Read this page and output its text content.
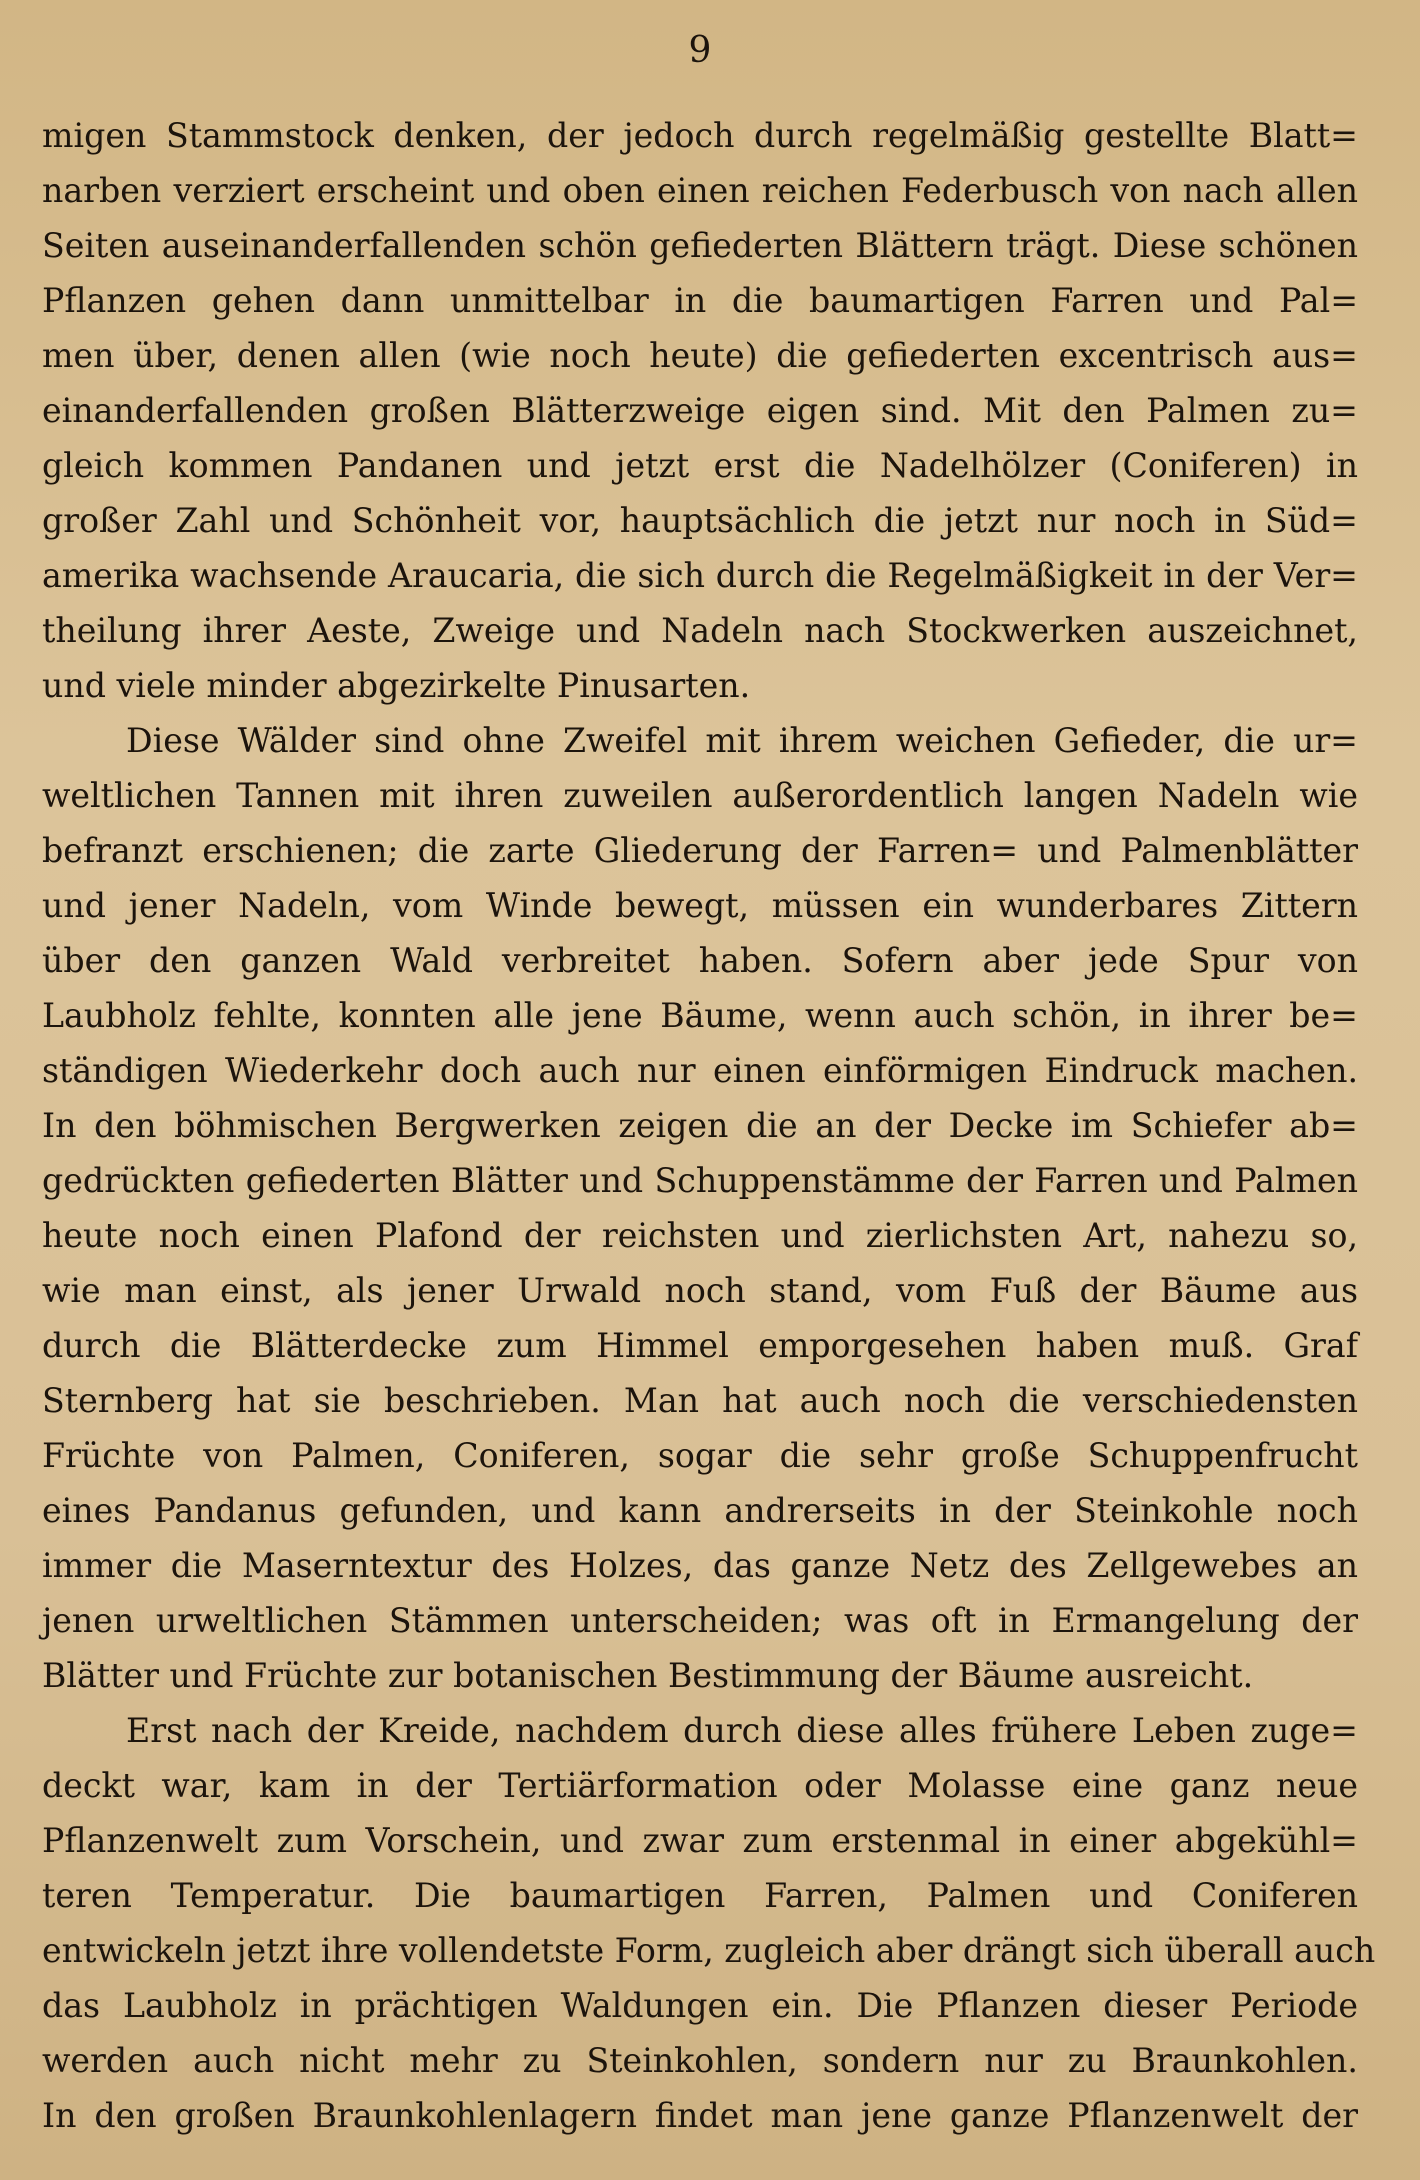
9
migen Stammstock denken, der jedoch durch regelmäßig gestellte Blatt=
narben verziert erscheint und oben einen reichen Federbusch von nach allen
Seiten auseinanderfallenden schön gefiederten Blättern trägt. Diese schönen
Pflanzen gehen dann unmittelbar in die baumartigen Farren und Pal=
men über, denen allen (wie noch heute) die gefiederten excentrisch aus=
einanderfallenden großen Blätterzweige eigen sind. Mit den Palmen zu=
gleich kommen Pandanen und jetzt erst die Nadelhölzer (Coniferen) in
großer Zahl und Schönheit vor, hauptsächlich die jetzt nur noch in Süd=
amerika wachsende Araucaria, die sich durch die Regelmäßigkeit in der Ver=
theilung ihrer Aeste, Zweige und Nadeln nach Stockwerken auszeichnet,
und viele minder abgezirkelte Pinusarten.
Diese Wälder sind ohne Zweifel mit ihrem weichen Gefieder, die ur=
weltlichen Tannen mit ihren zuweilen außerordentlich langen Nadeln wie
befranzt erschienen; die zarte Gliederung der Farren= und Palmenblätter
und jener Nadeln, vom Winde bewegt, müssen ein wunderbares Zittern
über den ganzen Wald verbreitet haben. Sofern aber jede Spur von
Laubholz fehlte, konnten alle jene Bäume, wenn auch schön, in ihrer be=
ständigen Wiederkehr doch auch nur einen einförmigen Eindruck machen.
In den böhmischen Bergwerken zeigen die an der Decke im Schiefer ab=
gedrückten gefiederten Blätter und Schuppenstämme der Farren und Palmen
heute noch einen Plafond der reichsten und zierlichsten Art, nahezu so,
wie man einst, als jener Urwald noch stand, vom Fuß der Bäume aus
durch die Blätterdecke zum Himmel emporgesehen haben muß. Graf
Sternberg hat sie beschrieben. Man hat auch noch die verschiedensten
Früchte von Palmen, Coniferen, sogar die sehr große Schuppenfrucht
eines Pandanus gefunden, und kann andrerseits in der Steinkohle noch
immer die Maserntextur des Holzes, das ganze Netz des Zellgewebes an
jenen urweltlichen Stämmen unterscheiden; was oft in Ermangelung der
Blätter und Früchte zur botanischen Bestimmung der Bäume ausreicht.
Erst nach der Kreide, nachdem durch diese alles frühere Leben zuge=
deckt war, kam in der Tertiärformation oder Molasse eine ganz neue
Pflanzenwelt zum Vorschein, und zwar zum erstenmal in einer abgekühl=
teren Temperatur. Die baumartigen Farren, Palmen und Coniferen
entwickeln jetzt ihre vollendetste Form, zugleich aber drängt sich überall auch
das Laubholz in prächtigen Waldungen ein. Die Pflanzen dieser Periode
werden auch nicht mehr zu Steinkohlen, sondern nur zu Braunkohlen.
In den großen Braunkohlenlagern findet man jene ganze Pflanzenwelt der
